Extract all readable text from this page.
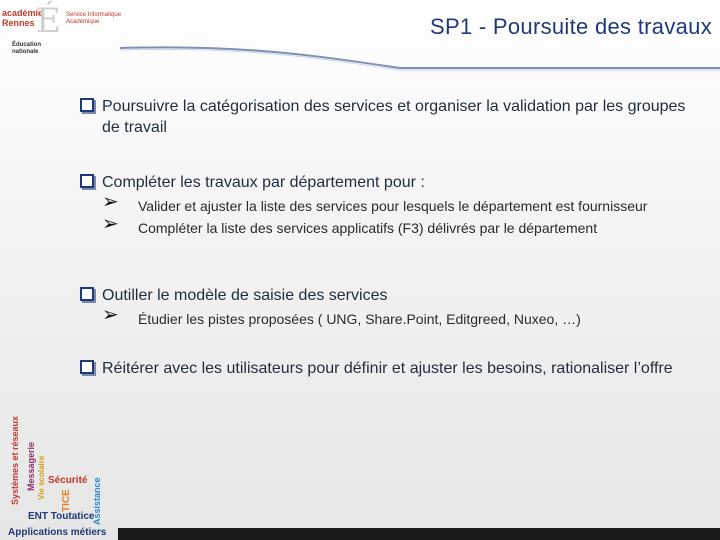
académie Rennes É Service Informatique Académique
Éducation nationale
SP1 - Poursuite des travaux
Poursuivre la catégorisation des services et organiser la validation par les groupes de travail
Compléter les travaux par département pour :
➢ Valider et ajuster la liste des services pour lesquels le département est fournisseur
➢ Compléter la liste des services applicatifs (F3) délivrés par le département
Outiller le modèle de saisie des services
➢ Étudier les pistes proposées ( UNG, Share.Point, Editgreed, Nuxeo, …)
Réitérer avec les utilisateurs pour définir et ajuster les besoins, rationaliser l’offre
Systèmes et réseaux Messagerie Vie scolaire
TICE
Sécurité Assistance
ENT Toutatice
Applications métiers
